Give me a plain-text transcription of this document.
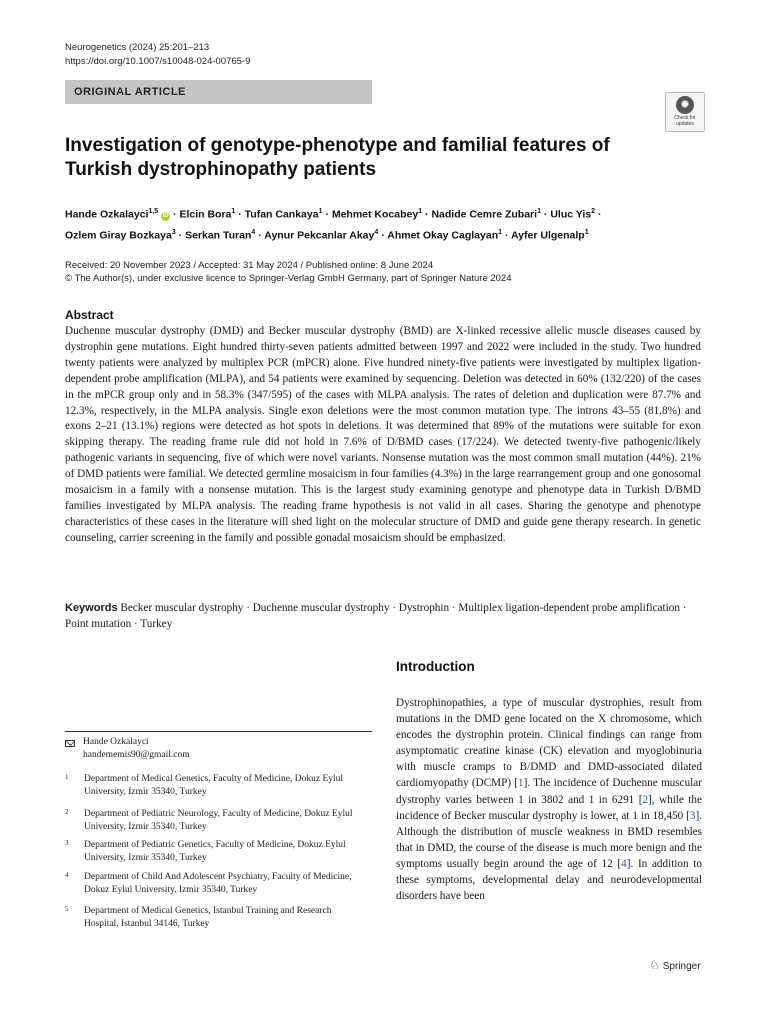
Neurogenetics (2024) 25:201–213
https://doi.org/10.1007/s10048-024-00765-9
ORIGINAL ARTICLE
Check for
updates
Investigation of genotype-phenotype and familial features of Turkish dystrophinopathy patients
Hande Ozkalayci$^{1,5}$ iD · Elcin Bora$^1$ · Tufan Cankaya$^1$ · Mehmet Kocabey$^1$ · Nadide Cemre Zubari$^1$ · Uluc Yis$^2$ ·
Ozlem Giray Bozkaya$^3$ · Serkan Turan$^4$ · Aynur Pekcanlar Akay$^4$ · Ahmet Okay Caglayan$^1$ · Ayfer Ulgenalp$^1$
Received: 20 November 2023 / Accepted: 31 May 2024 / Published online: 8 June 2024
© The Author(s), under exclusive licence to Springer-Verlag GmbH Germany, part of Springer Nature 2024
Abstract
Duchenne muscular dystrophy (DMD) and Becker muscular dystrophy (BMD) are X-linked recessive allelic muscle diseases caused by dystrophin gene mutations. Eight hundred thirty-seven patients admitted between 1997 and 2022 were included in the study. Two hundred twenty patients were analyzed by multiplex PCR (mPCR) alone. Five hundred ninety-five patients were investigated by multiplex ligation-dependent probe amplification (MLPA), and 54 patients were examined by sequencing. Deletion was detected in 60% (132/220) of the cases in the mPCR group only and in 58.3% (347/595) of the cases with MLPA analysis. The rates of deletion and duplication were 87.7% and 12.3%, respectively, in the MLPA analysis. Single exon deletions were the most common mutation type. The introns 43–55 (81.8%) and exons 2–21 (13.1%) regions were detected as hot spots in deletions. It was determined that 89% of the mutations were suitable for exon skipping therapy. The reading frame rule did not hold in 7.6% of D/BMD cases (17/224). We detected twenty-five pathogenic/likely pathogenic variants in sequencing, five of which were novel variants. Nonsense mutation was the most common small mutation (44%). 21% of DMD patients were familial. We detected germline mosaicism in four families (4.3%) in the large rearrangement group and one gonosomal mosaicism in a family with a nonsense mutation. This is the largest study examining genotype and phenotype data in Turkish D/BMD families investigated by MLPA analysis. The reading frame hypothesis is not valid in all cases. Sharing the genotype and phenotype characteristics of these cases in the literature will shed light on the molecular structure of DMD and guide gene therapy research. In genetic counseling, carrier screening in the family and possible gonadal mosaicism should be emphasized.
Keywords Becker muscular dystrophy · Duchenne muscular dystrophy · Dystrophin · Multiplex ligation-dependent probe amplification · Point mutation · Turkey
Introduction
Dystrophinopathies, a type of muscular dystrophies, result from mutations in the DMD gene located on the X chromosome, which encodes the dystrophin protein. Clinical findings can range from asymptomatic creatine kinase (CK) elevation and myoglobinuria with muscle cramps to B/DMD and DMD-associated dilated cardiomyopathy (DCMP) [1]. The incidence of Duchenne muscular dystrophy varies between 1 in 3802 and 1 in 6291 [2], while the incidence of Becker muscular dystrophy is lower, at 1 in 18,450 [3]. Although the distribution of muscle weakness in BMD resembles that in DMD, the course of the disease is much more benign and the symptoms usually begin around the age of 12 [4]. In addition to these symptoms, developmental delay and neurodevelopmental disorders have been
Hande Ozkalayci
handememis90@gmail.com
1 Department of Medical Genetics, Faculty of Medicine, Dokuz Eylul University, Izmir 35340, Turkey
2 Department of Pediatric Neurology, Faculty of Medicine, Dokuz Eylul University, Izmir 35340, Turkey
3 Department of Pediatric Genetics, Faculty of Medicine, Dokuz Eylul University, Izmir 35340, Turkey
4 Department of Child And Adolescent Psychiatry, Faculty of Medicine, Dokuz Eylul University, Izmir 35340, Turkey
5 Department of Medical Genetics, Istanbul Training and Research Hospital, Istanbul 34146, Turkey
♘ Springer
